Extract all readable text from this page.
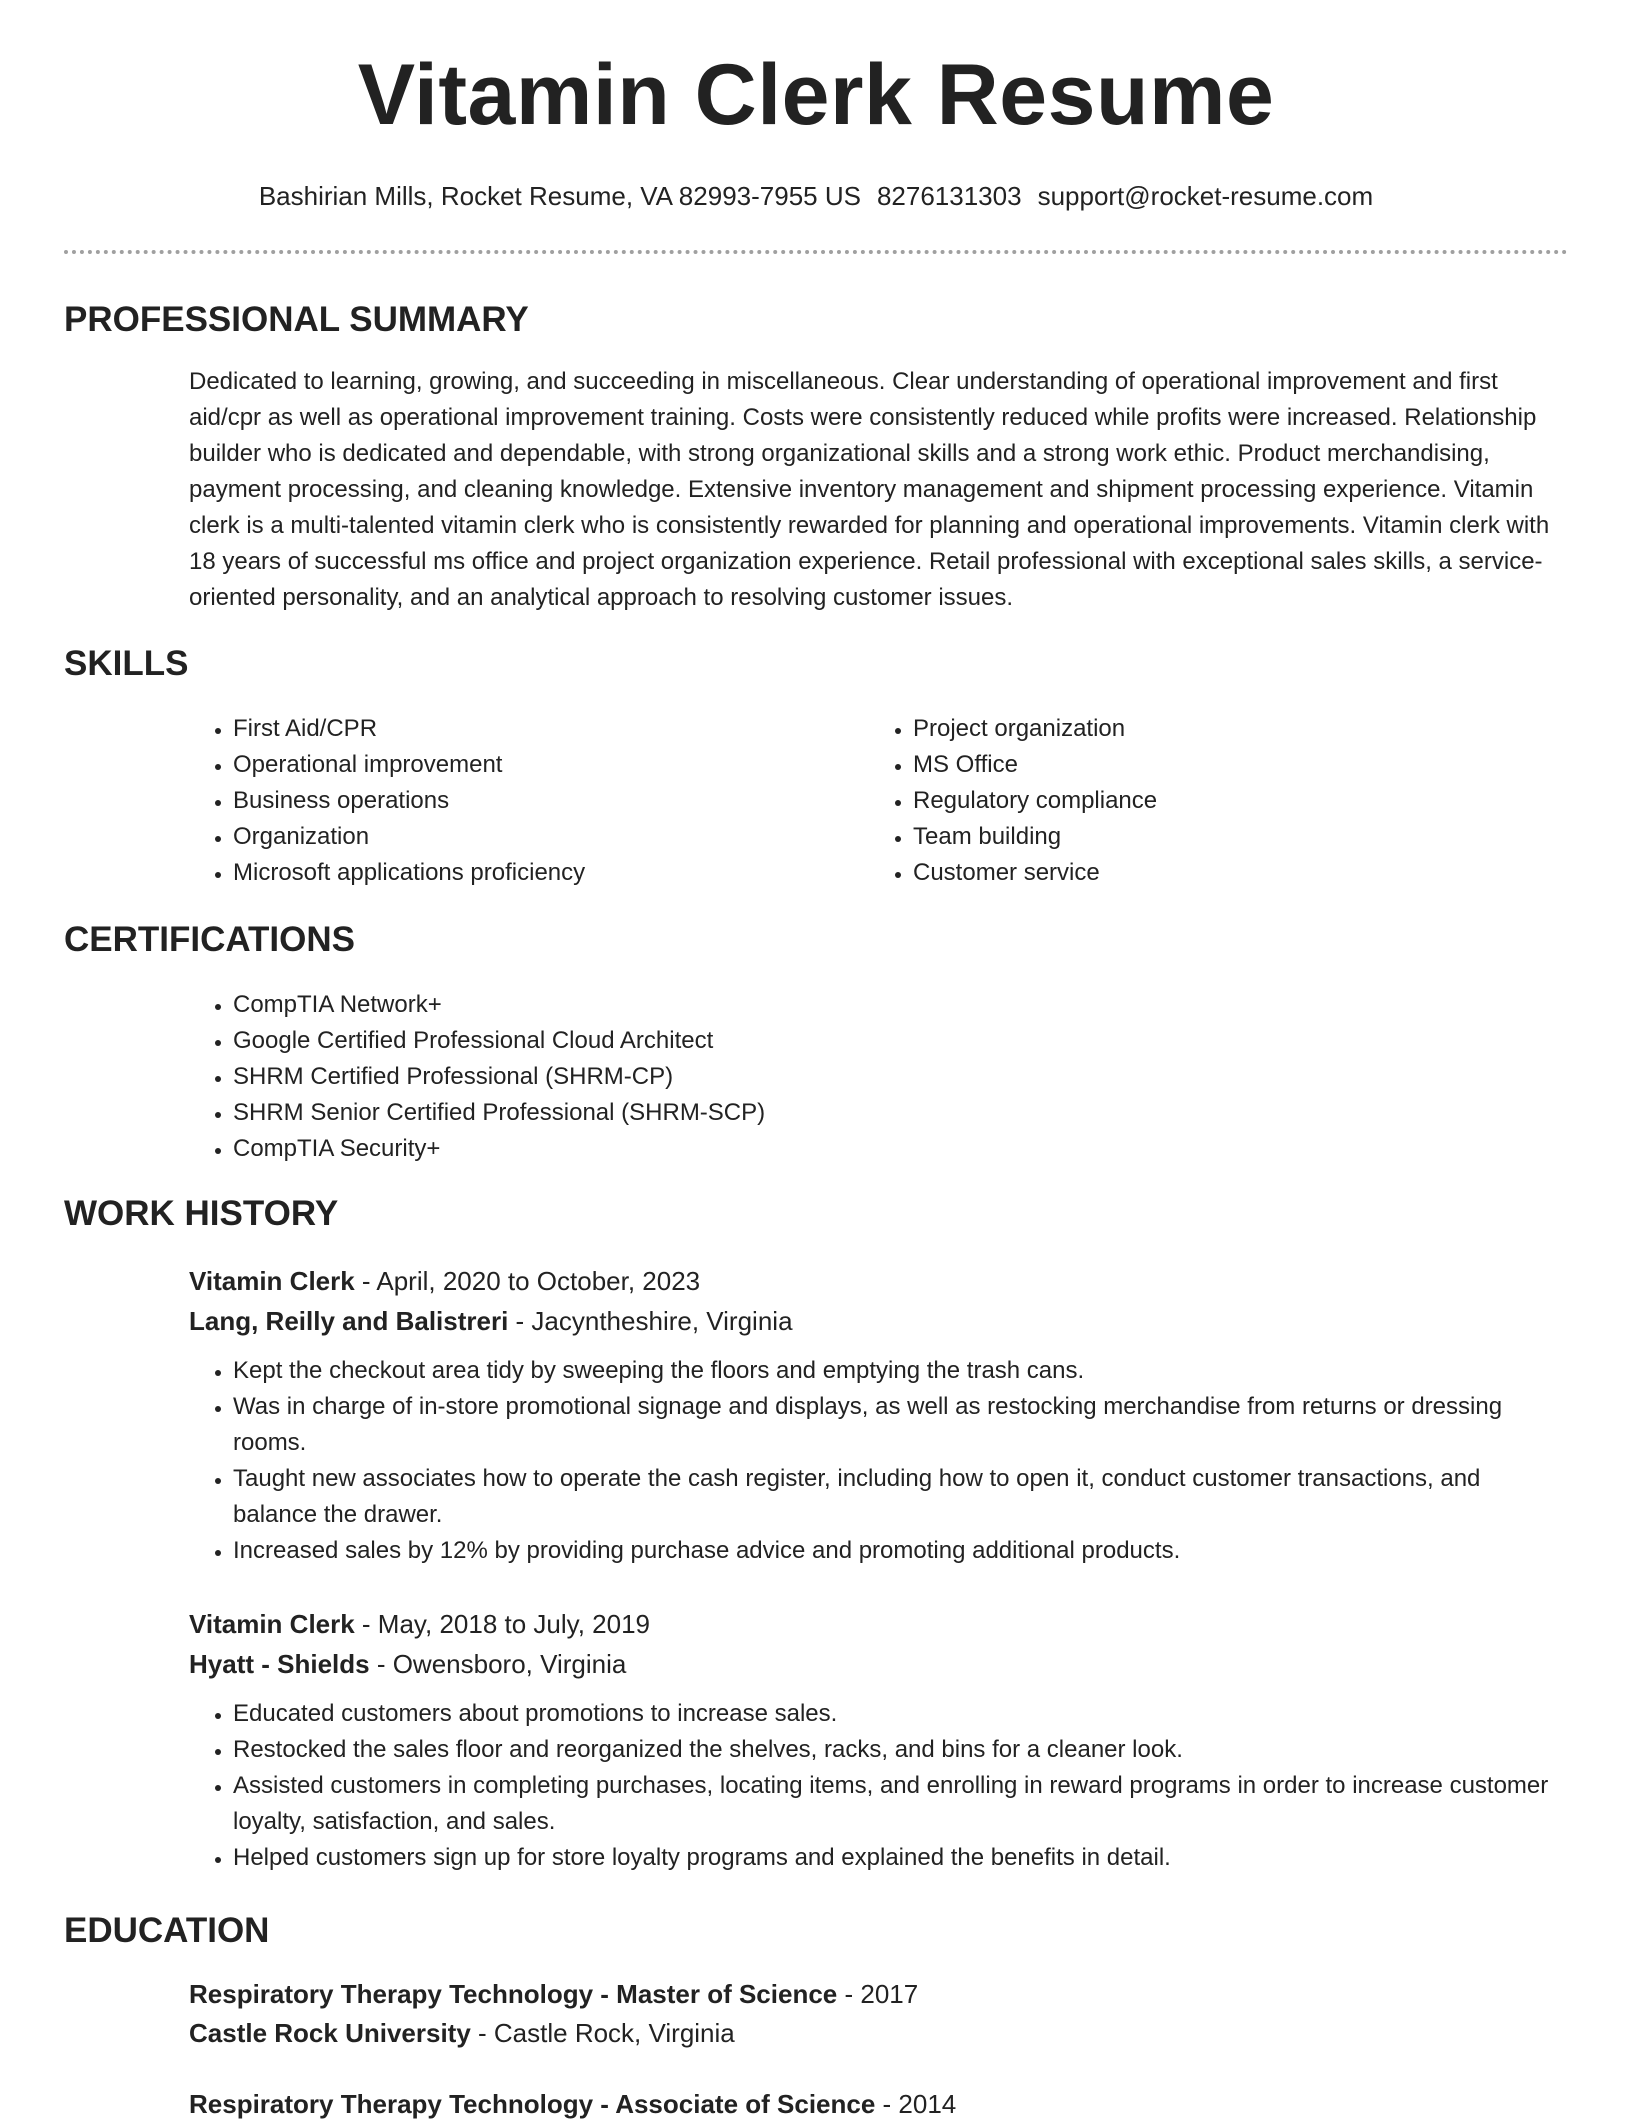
Vitamin Clerk Resume
Bashirian Mills, Rocket Resume, VA 82993-7955 US 8276131303 support@rocket-resume.com
PROFESSIONAL SUMMARY
Dedicated to learning, growing, and succeeding in miscellaneous. Clear understanding of operational improvement and first aid/cpr as well as operational improvement training. Costs were consistently reduced while profits were increased. Relationship builder who is dedicated and dependable, with strong organizational skills and a strong work ethic. Product merchandising, payment processing, and cleaning knowledge. Extensive inventory management and shipment processing experience. Vitamin clerk is a multi-talented vitamin clerk who is consistently rewarded for planning and operational improvements. Vitamin clerk with 18 years of successful ms office and project organization experience. Retail professional with exceptional sales skills, a service-oriented personality, and an analytical approach to resolving customer issues.
SKILLS
• First Aid/CPR
• Operational improvement
• Business operations
• Organization
• Microsoft applications proficiency
• Project organization
• MS Office
• Regulatory compliance
• Team building
• Customer service
CERTIFICATIONS
• CompTIA Network+
• Google Certified Professional Cloud Architect
• SHRM Certified Professional (SHRM-CP)
• SHRM Senior Certified Professional (SHRM-SCP)
• CompTIA Security+
WORK HISTORY
Vitamin Clerk - April, 2020 to October, 2023
Lang, Reilly and Balistreri - Jacyntheshire, Virginia
• Kept the checkout area tidy by sweeping the floors and emptying the trash cans.
• Was in charge of in-store promotional signage and displays, as well as restocking merchandise from returns or dressing rooms.
• Taught new associates how to operate the cash register, including how to open it, conduct customer transactions, and balance the drawer.
• Increased sales by 12% by providing purchase advice and promoting additional products.
Vitamin Clerk - May, 2018 to July, 2019
Hyatt - Shields - Owensboro, Virginia
• Educated customers about promotions to increase sales.
• Restocked the sales floor and reorganized the shelves, racks, and bins for a cleaner look.
• Assisted customers in completing purchases, locating items, and enrolling in reward programs in order to increase customer loyalty, satisfaction, and sales.
• Helped customers sign up for store loyalty programs and explained the benefits in detail.
EDUCATION
Respiratory Therapy Technology - Master of Science - 2017
Castle Rock University - Castle Rock, Virginia
Respiratory Therapy Technology - Associate of Science - 2014
